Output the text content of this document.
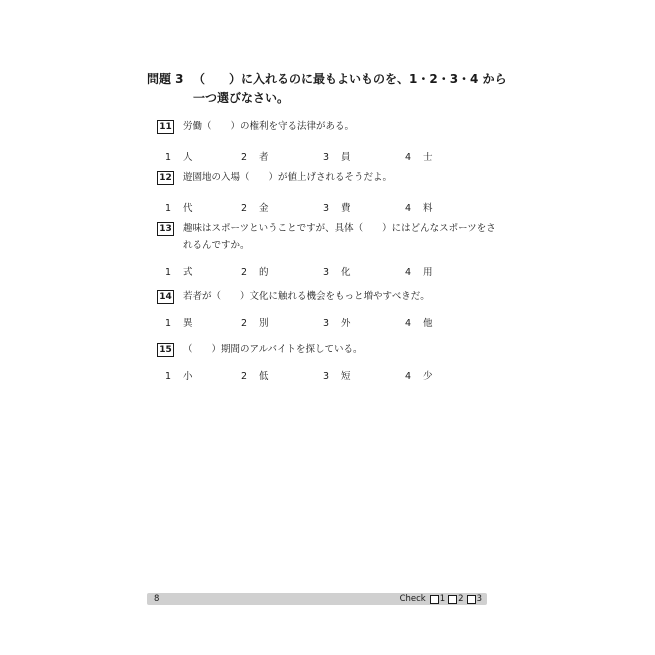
問題 3 （　　）に入れるのに最もよいものを、1・2・3・4 から一つ選びなさい。
11 労働（　　）の権利を守る法律がある。
1 人	2 者	3 員	4 士
12 遊園地の入場（　　）が値上げされるそうだよ。
1 代	2 金	3 費	4 料
13 趣味はスポーツということですが、具体（　　）にはどんなスポーツをされるんですか。
1 式	2 的	3 化	4 用
14 若者が（　　）文化に触れる機会をもっと増やすべきだ。
1 異	2 別	3 外	4 他
15 （　　）期間のアルバイトを探している。
1 小	2 低	3 短	4 少
8	Check 1 2 3
